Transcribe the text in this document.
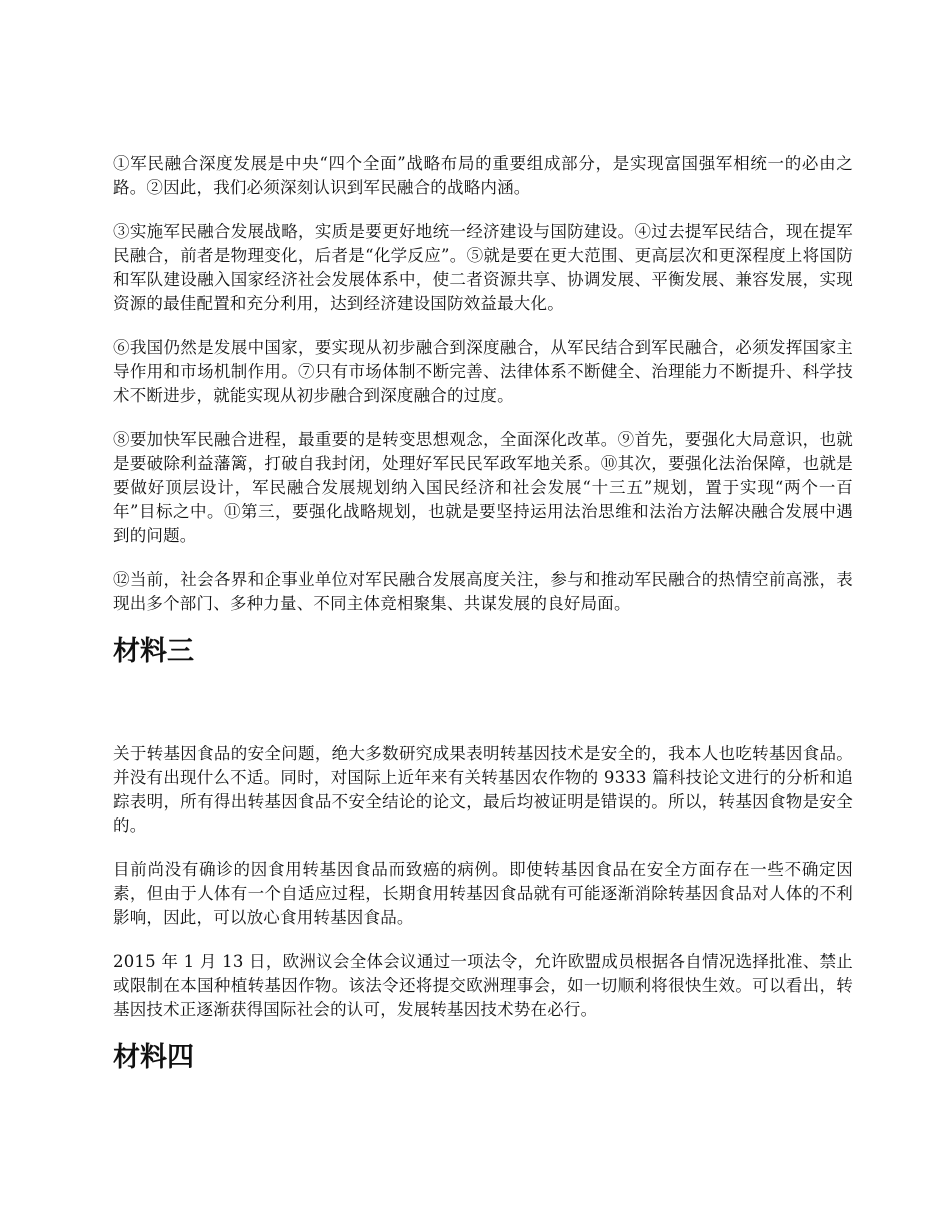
①军民融合深度发展是中央“四个全面”战略布局的重要组成部分，是实现富国强军相统一的必由之路。②因此，我们必须深刻认识到军民融合的战略内涵。

③实施军民融合发展战略，实质是要更好地统一经济建设与国防建设。④过去提军民结合，现在提军民融合，前者是物理变化，后者是“化学反应”。⑤就是要在更大范围、更高层次和更深程度上将国防和军队建设融入国家经济社会发展体系中，使二者资源共享、协调发展、平衡发展、兼容发展，实现资源的最佳配置和充分利用，达到经济建设国防效益最大化。

⑥我国仍然是发展中国家，要实现从初步融合到深度融合，从军民结合到军民融合，必须发挥国家主导作用和市场机制作用。⑦只有市场体制不断完善、法律体系不断健全、治理能力不断提升、科学技术不断进步，就能实现从初步融合到深度融合的过度。

⑧要加快军民融合进程，最重要的是转变思想观念，全面深化改革。⑨首先，要强化大局意识，也就是要破除利益藩篱，打破自我封闭，处理好军民民军政军地关系。⑩其次，要强化法治保障，也就是要做好顶层设计，军民融合发展规划纳入国民经济和社会发展“十三五”规划，置于实现“两个一百年”目标之中。⑪第三，要强化战略规划，也就是要坚持运用法治思维和法治方法解决融合发展中遇到的问题。

⑫当前，社会各界和企事业单位对军民融合发展高度关注，参与和推动军民融合的热情空前高涨，表现出多个部门、多种力量、不同主体竞相聚集、共谋发展的良好局面。

材料三

关于转基因食品的安全问题，绝大多数研究成果表明转基因技术是安全的，我本人也吃转基因食品。并没有出现什么不适。同时，对国际上近年来有关转基因农作物的 9333 篇科技论文进行的分析和追踪表明，所有得出转基因食品不安全结论的论文，最后均被证明是错误的。所以，转基因食物是安全的。

目前尚没有确诊的因食用转基因食品而致癌的病例。即使转基因食品在安全方面存在一些不确定因素，但由于人体有一个自适应过程，长期食用转基因食品就有可能逐渐消除转基因食品对人体的不利影响，因此，可以放心食用转基因食品。

2015 年 1 月 13 日，欧洲议会全体会议通过一项法令，允许欧盟成员根据各自情况选择批准、禁止或限制在本国种植转基因作物。该法令还将提交欧洲理事会，如一切顺利将很快生效。可以看出，转基因技术正逐渐获得国际社会的认可，发展转基因技术势在必行。

材料四
